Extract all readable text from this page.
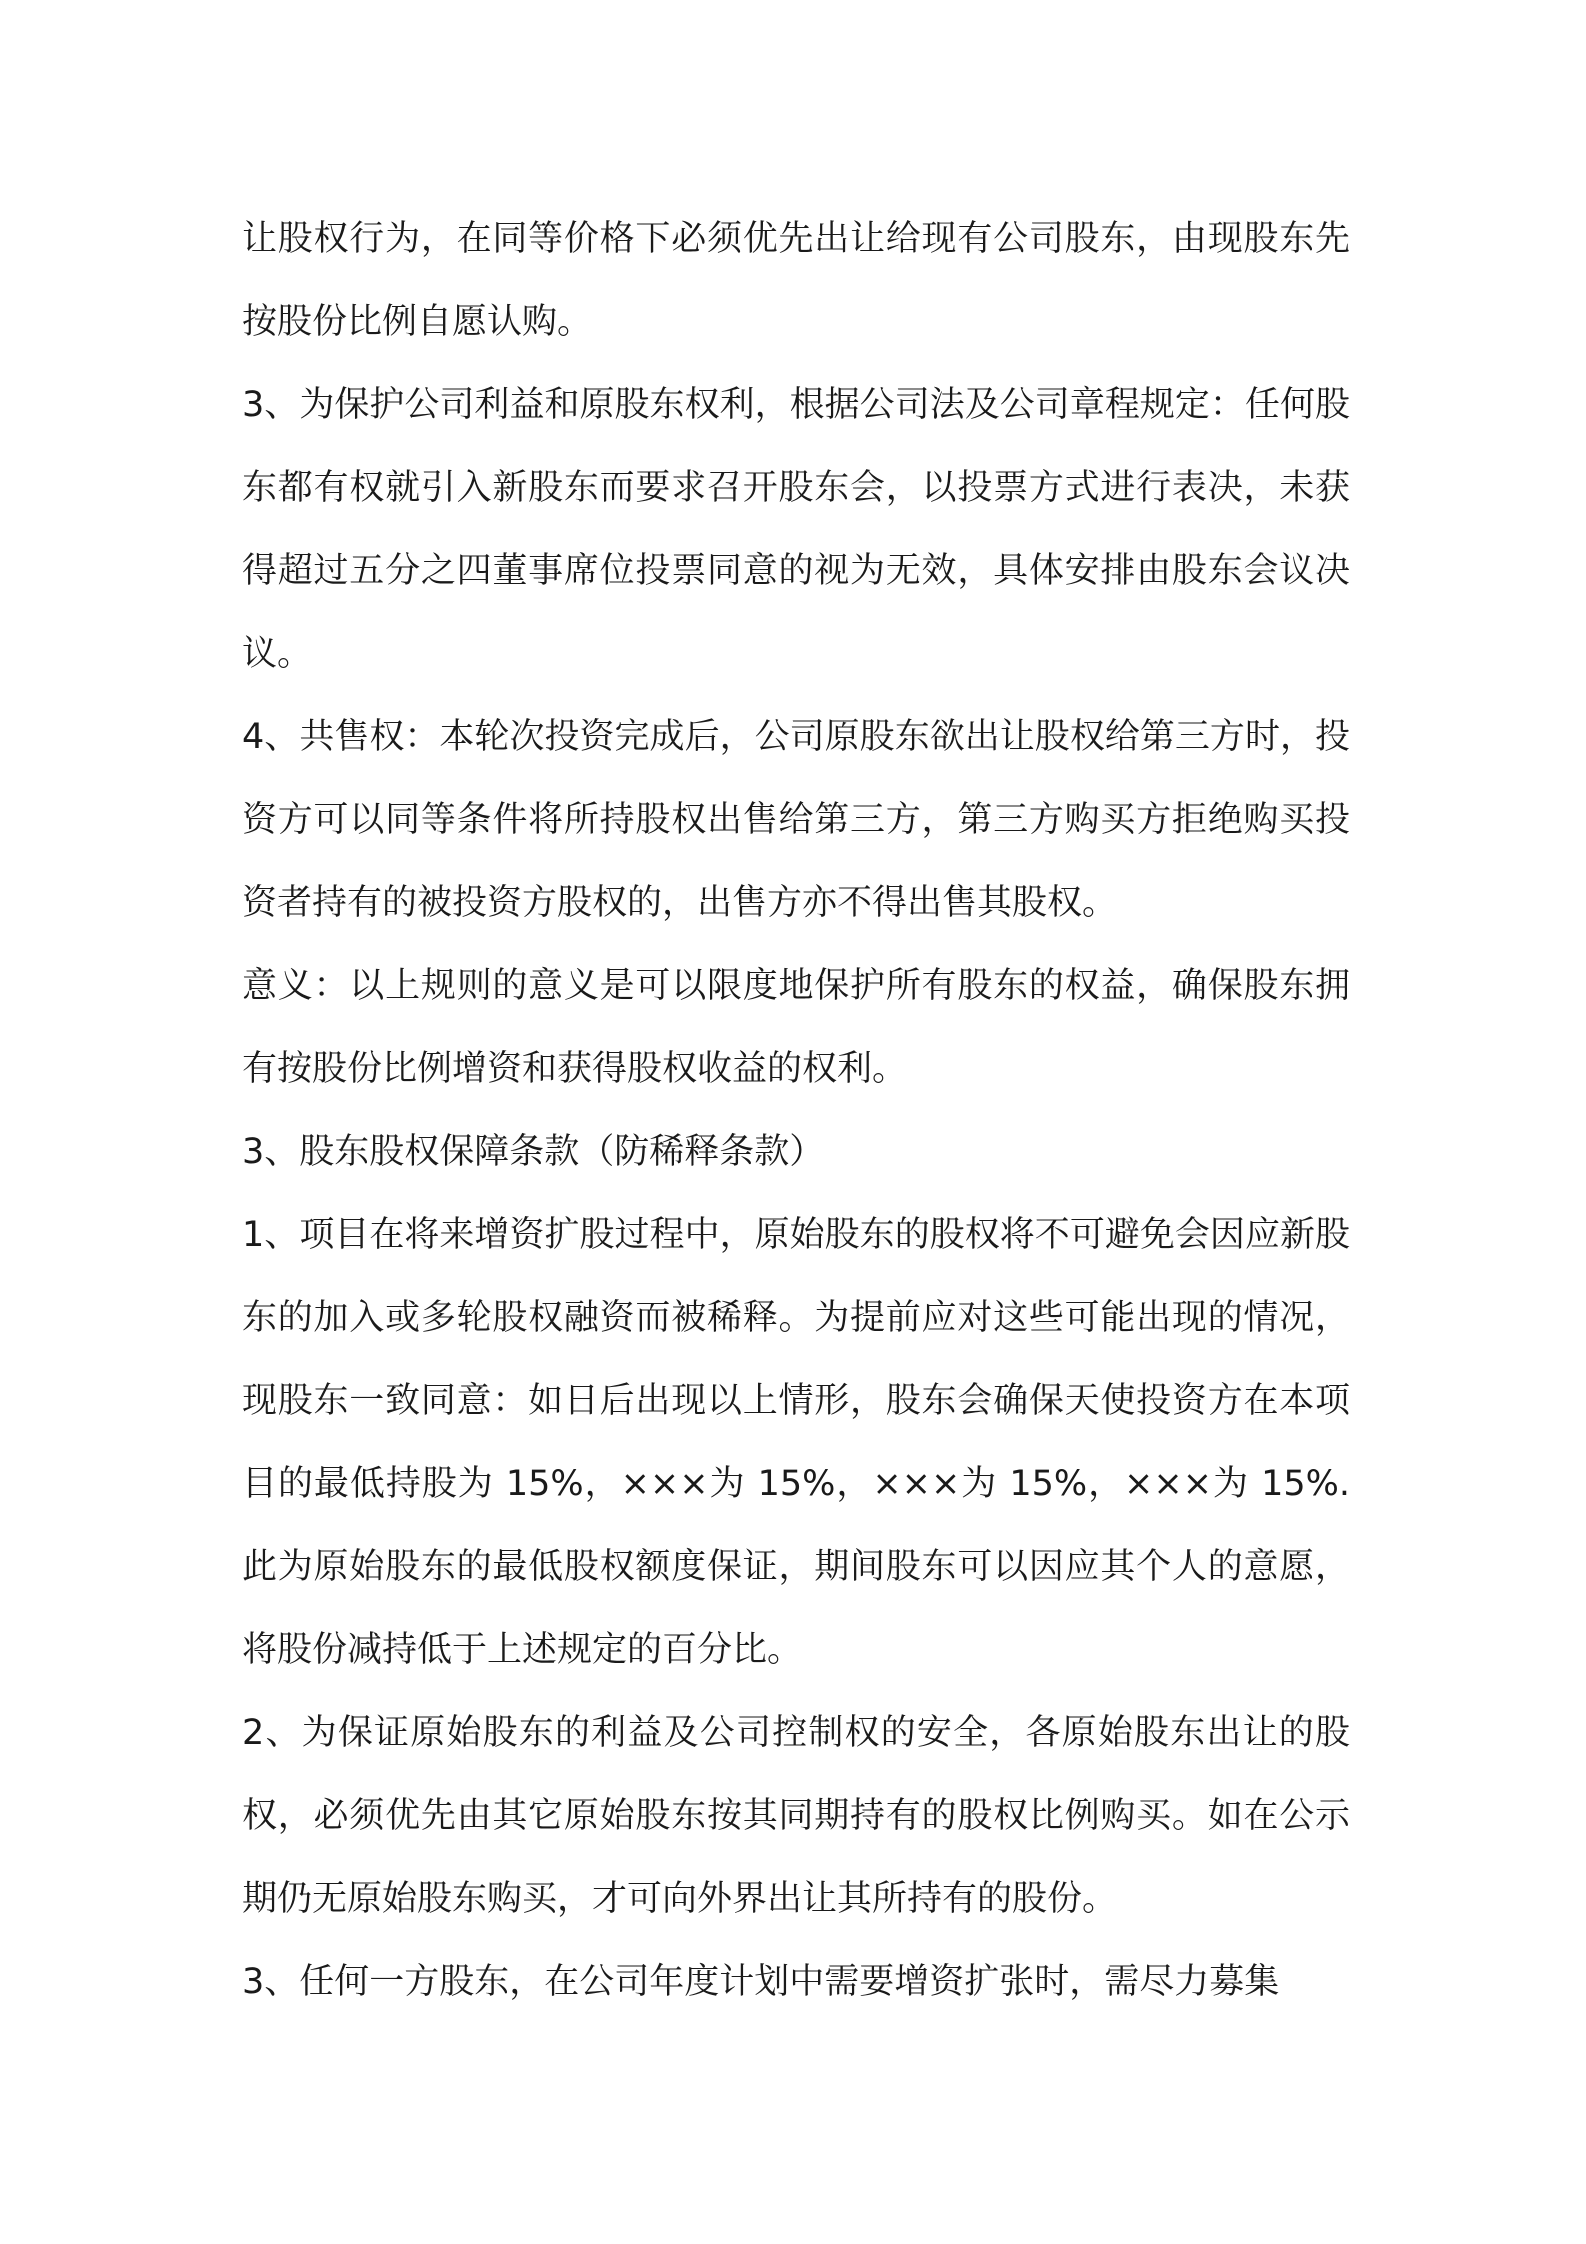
让股权行为，在同等价格下必须优先出让给现有公司股东，由现股东先按股份比例自愿认购。

3、为保护公司利益和原股东权利，根据公司法及公司章程规定：任何股东都有权就引入新股东而要求召开股东会，以投票方式进行表决，未获得超过五分之四董事席位投票同意的视为无效，具体安排由股东会议决议。

4、共售权：本轮次投资完成后，公司原股东欲出让股权给第三方时，投资方可以同等条件将所持股权出售给第三方，第三方购买方拒绝购买投资者持有的被投资方股权的，出售方亦不得出售其股权。

意义：以上规则的意义是可以限度地保护所有股东的权益，确保股东拥有按股份比例增资和获得股权收益的权利。

3、股东股权保障条款（防稀释条款）

1、项目在将来增资扩股过程中，原始股东的股权将不可避免会因应新股东的加入或多轮股权融资而被稀释。为提前应对这些可能出现的情况，现股东一致同意：如日后出现以上情形，股东会确保天使投资方在本项目的最低持股为 15%，×××为 15%，×××为 15%，×××为 15%.此为原始股东的最低股权额度保证，期间股东可以因应其个人的意愿，将股份减持低于上述规定的百分比。

2、为保证原始股东的利益及公司控制权的安全，各原始股东出让的股权，必须优先由其它原始股东按其同期持有的股权比例购买。如在公示期仍无原始股东购买，才可向外界出让其所持有的股份。

3、任何一方股东，在公司年度计划中需要增资扩张时，需尽力募集
